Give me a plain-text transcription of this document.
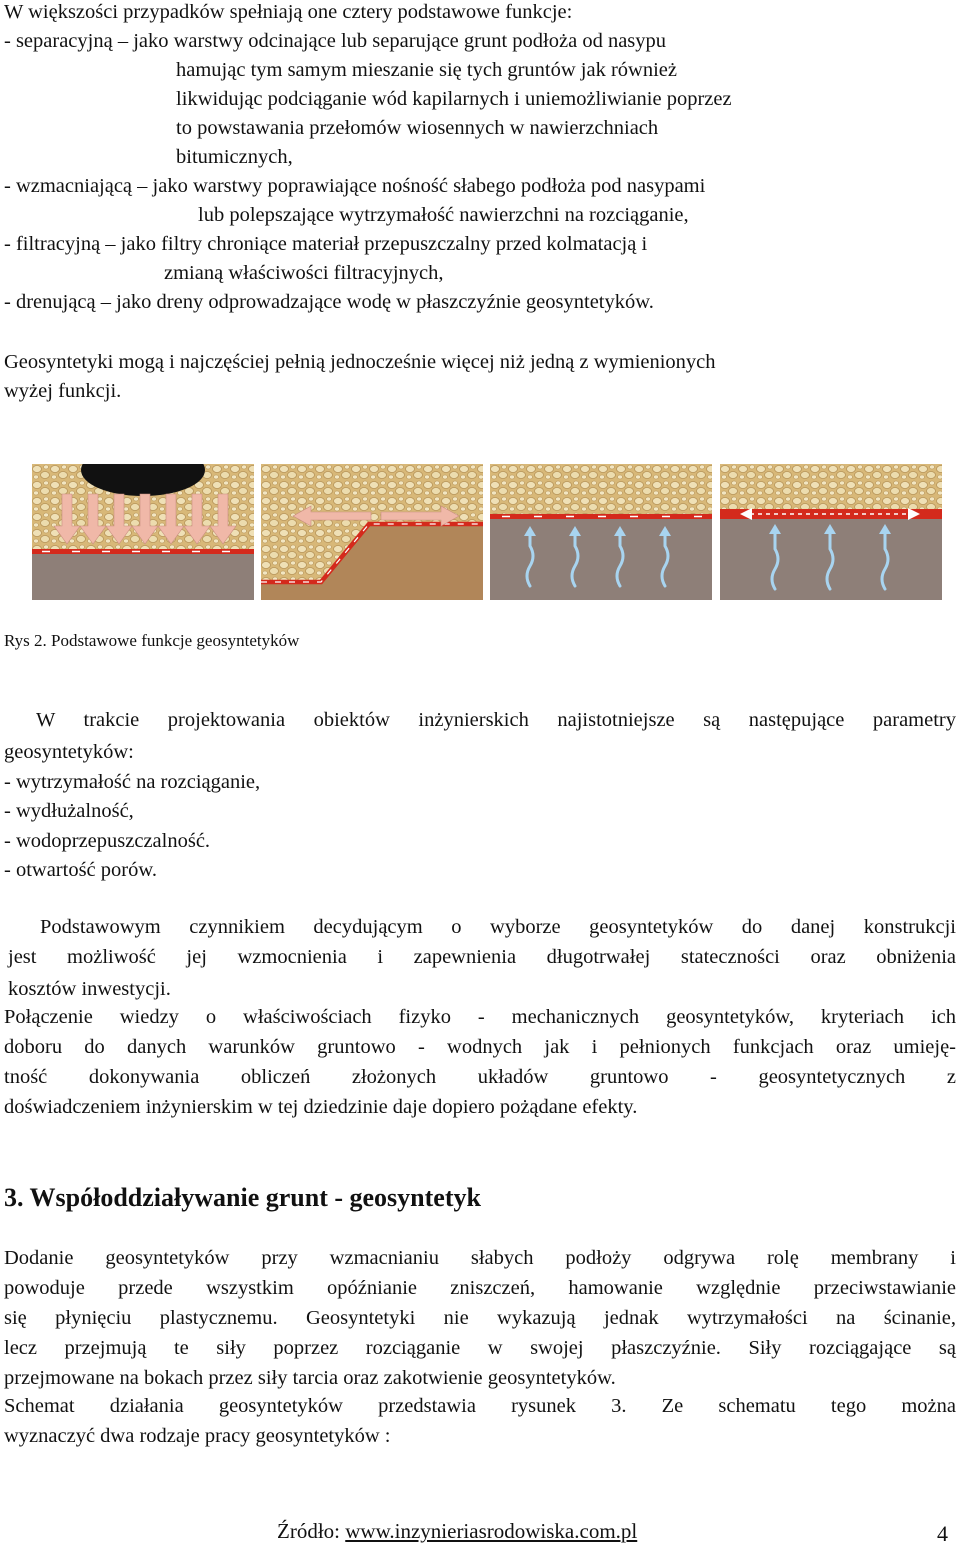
W większości przypadków spełniają one cztery podstawowe funkcje:

- separacyjną – jako warstwy odcinające lub separujące grunt podłoża od nasypu

hamując tym samym mieszanie się tych gruntów jak również

likwidując podciąganie wód kapilarnych i uniemożliwianie poprzez

to powstawania przełomów wiosennych w nawierzchniach

bitumicznych,

- wzmacniającą – jako warstwy poprawiające nośność słabego podłoża pod nasypami

lub polepszające wytrzymałość nawierzchni na rozciąganie,

- filtracyjną – jako filtry chroniące materiał przepuszczalny przed kolmatacją i

zmianą właściwości filtracyjnych,

- drenującą – jako dreny odprowadzające wodę w płaszczyźnie geosyntetyków.

Geosyntetyki mogą i najczęściej pełnią jednocześnie więcej niż jedną z wymienionych

wyżej funkcji.

Rys 2. Podstawowe funkcje geosyntetyków

W trakcie projektowania obiektów inżynierskich najistotniejsze są następujące parametry

geosyntetyków:

- wytrzymałość na rozciąganie,

- wydłużalność,

- wodoprzepuszczalność.

- otwartość porów.

Podstawowym czynnikiem decydującym o wyborze geosyntetyków do danej konstrukcji

jest możliwość jej wzmocnienia i zapewnienia długotrwałej stateczności oraz obniżenia

kosztów inwestycji.

Połączenie wiedzy o właściwościach fizyko - mechanicznych geosyntetyków, kryteriach ich

doboru do danych warunków gruntowo - wodnych jak i pełnionych funkcjach oraz umieję-

tność dokonywania obliczeń złożonych układów gruntowo - geosyntetycznych z

doświadczeniem inżynierskim w tej dziedzinie daje dopiero pożądane efekty.

3. Współoddziaływanie grunt - geosyntetyk

Dodanie geosyntetyków przy wzmacnianiu słabych podłoży odgrywa rolę membrany i

powoduje przede wszystkim opóźnianie zniszczeń, hamowanie względnie przeciwstawianie

się płynięciu plastycznemu. Geosyntetyki nie wykazują jednak wytrzymałości na ścinanie,

lecz przejmują te siły poprzez rozciąganie w swojej płaszczyźnie. Siły rozciągające są

przejmowane na bokach przez siły tarcia oraz zakotwienie geosyntetyków.

Schemat działania geosyntetyków przedstawia rysunek 3. Ze schematu tego można

wyznaczyć dwa rodzaje pracy geosyntetyków :

Źródło: www.inzynieriasrodowiska.com.pl	4
